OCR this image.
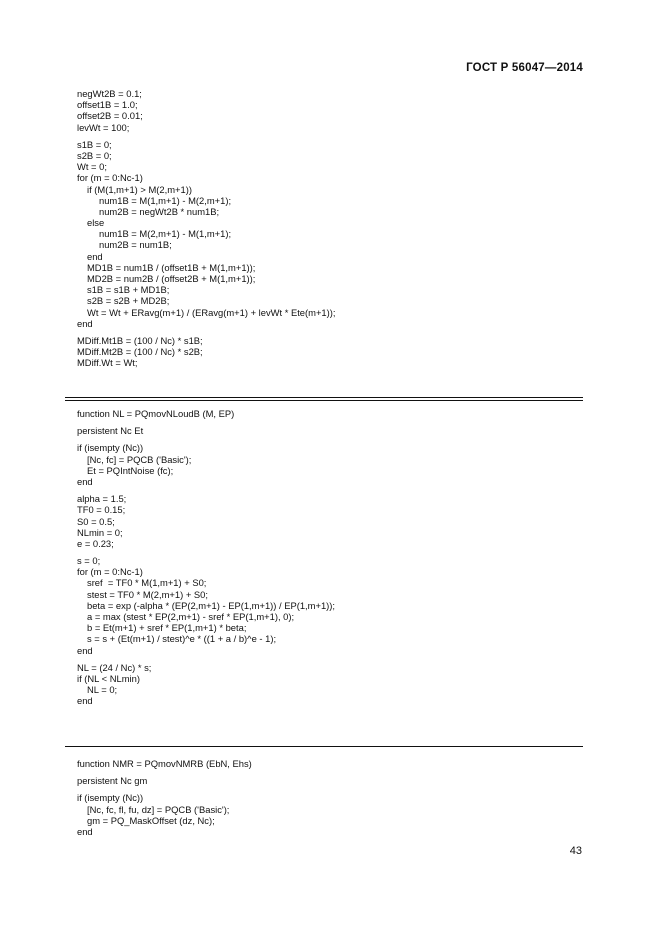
ГОСТ Р 56047—2014
negWt2B = 0.1;
offset1B = 1.0;
offset2B = 0.01;
levWt = 100;
s1B = 0;
s2B = 0;
Wt = 0;
for (m = 0:Nc-1)
if (M(1,m+1) > M(2,m+1))
num1B = M(1,m+1) - M(2,m+1);
num2B = negWt2B * num1B;
else
num1B = M(2,m+1) - M(1,m+1);
num2B = num1B;
end
MD1B = num1B / (offset1B + M(1,m+1));
MD2B = num2B / (offset2B + M(1,m+1));
s1B = s1B + MD1B;
s2B = s2B + MD2B;
Wt = Wt + ERavg(m+1) / (ERavg(m+1) + levWt * Ete(m+1));
end
MDiff.Mt1B = (100 / Nc) * s1B;
MDiff.Mt2B = (100 / Nc) * s2B;
MDiff.Wt = Wt;
function NL = PQmovNLoudB (M, EP)
persistent Nc Et
if (isempty (Nc))
[Nc, fc] = PQCB ('Basic');
Et = PQIntNoise (fc);
end
alpha = 1.5;
TF0 = 0.15;
S0 = 0.5;
NLmin = 0;
e = 0.23;
s = 0;
for (m = 0:Nc-1)
sref  = TF0 * M(1,m+1) + S0;
stest = TF0 * M(2,m+1) + S0;
beta = exp (-alpha * (EP(2,m+1) - EP(1,m+1)) / EP(1,m+1));
a = max (stest * EP(2,m+1) - sref * EP(1,m+1), 0);
b = Et(m+1) + sref * EP(1,m+1) * beta;
s = s + (Et(m+1) / stest)^e * ((1 + a / b)^e - 1);
end
NL = (24 / Nc) * s;
if (NL < NLmin)
NL = 0;
end
function NMR = PQmovNMRB (EbN, Ehs)
persistent Nc gm
if (isempty (Nc))
[Nc, fc, fl, fu, dz] = PQCB ('Basic');
gm = PQ_MaskOffset (dz, Nc);
end
43
